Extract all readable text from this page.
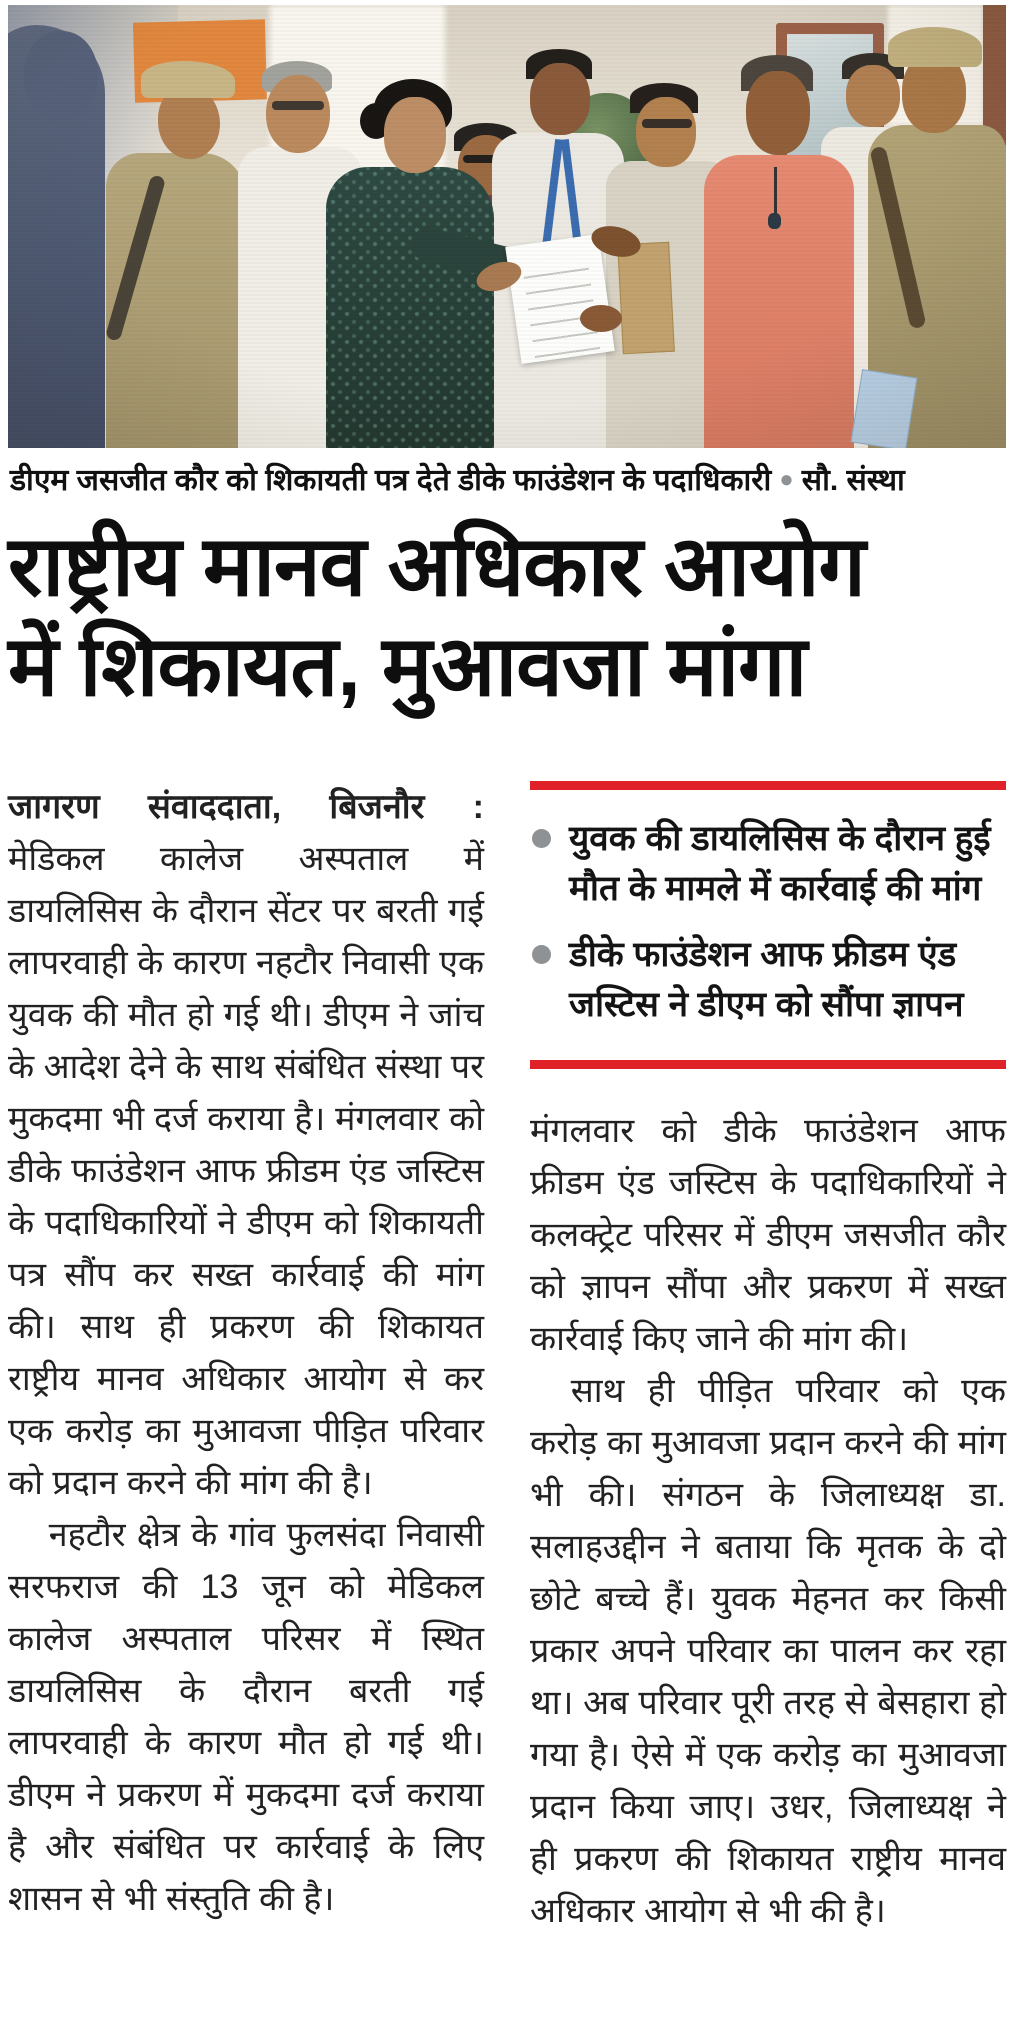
डीएम जसजीत कौर को शिकायती पत्र देते डीके फाउंडेशन के पदाधिकारी ● सौ. संस्था
राष्ट्रीय मानव अधिकार आयोग
में शिकायत, मुआवजा मांगा
जागरण संवाददाता, बिजनौर :

मेडिकल कालेज अस्पताल में डायलिसिस के दौरान सेंटर पर बरती गई लापरवाही के कारण नहटौर निवासी एक युवक की मौत हो गई थी। डीएम ने जांच के आदेश देने के साथ संबंधित संस्था पर मुकदमा भी दर्ज कराया है। मंगलवार को डीके फाउंडेशन आफ फ्रीडम एंड जस्टिस के पदाधिकारियों ने डीएम को शिकायती पत्र सौंप कर सख्त कार्रवाई की मांग की। साथ ही प्रकरण की शिकायत राष्ट्रीय मानव अधिकार आयोग से कर एक करोड़ का मुआवजा पीड़ित परिवार को प्रदान करने की मांग की है।

नहटौर क्षेत्र के गांव फुलसंदा निवासी सरफराज की 13 जून को मेडिकल कालेज अस्पताल परिसर में स्थित डायलिसिस के दौरान बरती गई लापरवाही के कारण मौत हो गई थी। डीएम ने प्रकरण में मुकदमा दर्ज कराया है और संबंधित पर कार्रवाई के लिए शासन से भी संस्तुति की है।

युवक की डायलिसिस के दौरान हुई मौत के मामले में कार्रवाई की मांग
डीके फाउंडेशन आफ फ्रीडम एंड जस्टिस ने डीएम को सौंपा ज्ञापन

मंगलवार को डीके फाउंडेशन आफ फ्रीडम एंड जस्टिस के पदाधिकारियों ने कलक्ट्रेट परिसर में डीएम जसजीत कौर को ज्ञापन सौंपा और प्रकरण में सख्त कार्रवाई किए जाने की मांग की।

साथ ही पीड़ित परिवार को एक करोड़ का मुआवजा प्रदान करने की मांग भी की। संगठन के जिलाध्यक्ष डा. सलाहउद्दीन ने बताया कि मृतक के दो छोटे बच्चे हैं। युवक मेहनत कर किसी प्रकार अपने परिवार का पालन कर रहा था। अब परिवार पूरी तरह से बेसहारा हो गया है। ऐसे में एक करोड़ का मुआवजा प्रदान किया जाए। उधर, जिलाध्यक्ष ने ही प्रकरण की शिकायत राष्ट्रीय मानव अधिकार आयोग से भी की है।
